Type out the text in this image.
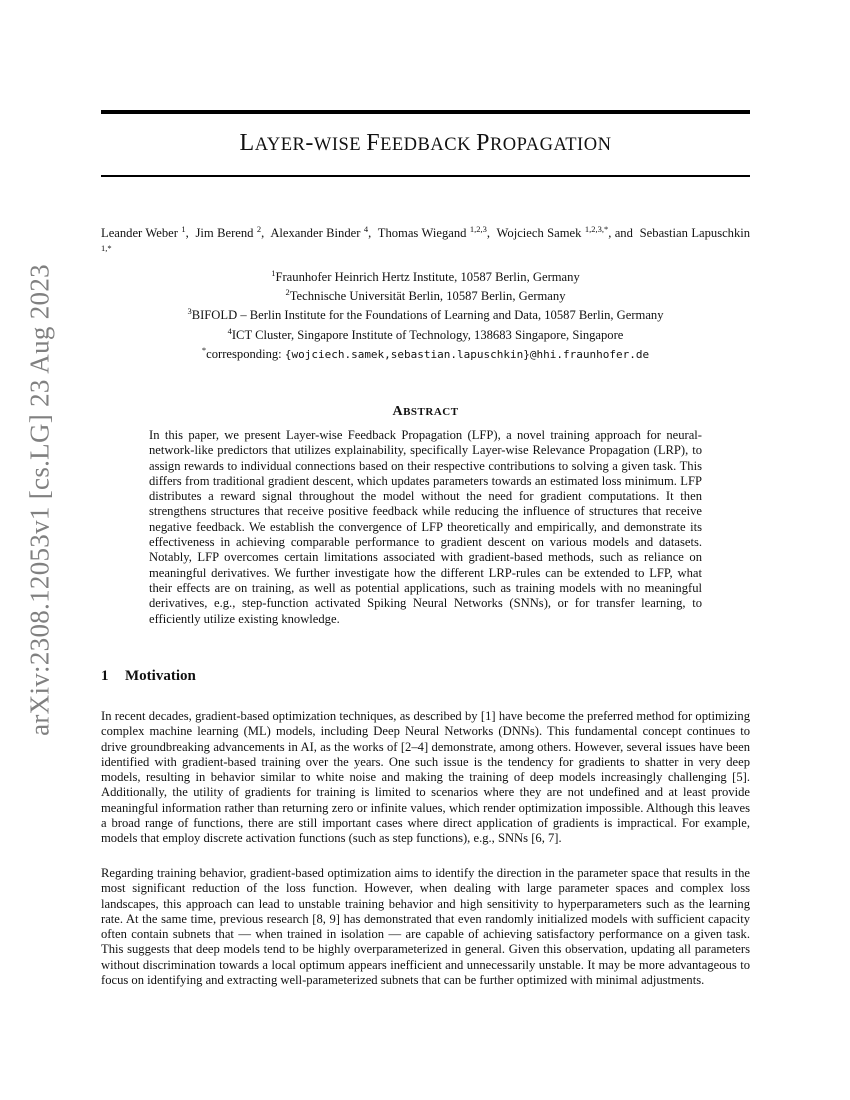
arXiv:2308.12053v1 [cs.LG] 23 Aug 2023
LAYER-WISE FEEDBACK PROPAGATION
Leander Weber $^1$,  Jim Berend $^2$,  Alexander Binder $^4$,  Thomas Wiegand $^{1,2,3}$,  Wojciech Samek $^{1,2,3,*}$, and Sebastian Lapuschkin $^{1,*}$
$^1$Fraunhofer Heinrich Hertz Institute, 10587 Berlin, Germany
$^2$Technische Universität Berlin, 10587 Berlin, Germany
$^3$BIFOLD – Berlin Institute for the Foundations of Learning and Data, 10587 Berlin, Germany
$^4$ICT Cluster, Singapore Institute of Technology, 138683 Singapore, Singapore
*corresponding: {wojciech.samek,sebastian.lapuschkin}@hhi.fraunhofer.de
ABSTRACT
In this paper, we present Layer-wise Feedback Propagation (LFP), a novel training approach for neural-network-like predictors that utilizes explainability, specifically Layer-wise Relevance Propagation (LRP), to assign rewards to individual connections based on their respective contributions to solving a given task. This differs from traditional gradient descent, which updates parameters towards an estimated loss minimum. LFP distributes a reward signal throughout the model without the need for gradient computations. It then strengthens structures that receive positive feedback while reducing the influence of structures that receive negative feedback. We establish the convergence of LFP theoretically and empirically, and demonstrate its effectiveness in achieving comparable performance to gradient descent on various models and datasets. Notably, LFP overcomes certain limitations associated with gradient-based methods, such as reliance on meaningful derivatives. We further investigate how the different LRP-rules can be extended to LFP, what their effects are on training, as well as potential applications, such as training models with no meaningful derivatives, e.g., step-function activated Spiking Neural Networks (SNNs), or for transfer learning, to efficiently utilize existing knowledge.
1 Motivation
In recent decades, gradient-based optimization techniques, as described by [1] have become the preferred method for optimizing complex machine learning (ML) models, including Deep Neural Networks (DNNs). This fundamental concept continues to drive groundbreaking advancements in AI, as the works of [2–4] demonstrate, among others. However, several issues have been identified with gradient-based training over the years. One such issue is the tendency for gradients to shatter in very deep models, resulting in behavior similar to white noise and making the training of deep models increasingly challenging [5]. Additionally, the utility of gradients for training is limited to scenarios where they are not undefined and at least provide meaningful information rather than returning zero or infinite values, which render optimization impossible. Although this leaves a broad range of functions, there are still important cases where direct application of gradients is impractical. For example, models that employ discrete activation functions (such as step functions), e.g., SNNs [6, 7].
Regarding training behavior, gradient-based optimization aims to identify the direction in the parameter space that results in the most significant reduction of the loss function. However, when dealing with large parameter spaces and complex loss landscapes, this approach can lead to unstable training behavior and high sensitivity to hyperparameters such as the learning rate. At the same time, previous research [8, 9] has demonstrated that even randomly initialized models with sufficient capacity often contain subnets that — when trained in isolation — are capable of achieving satisfactory performance on a given task. This suggests that deep models tend to be highly overparameterized in general. Given this observation, updating all parameters without discrimination towards a local optimum appears inefficient and unnecessarily unstable. It may be more advantageous to focus on identifying and extracting well-parameterized subnets that can be further optimized with minimal adjustments.
